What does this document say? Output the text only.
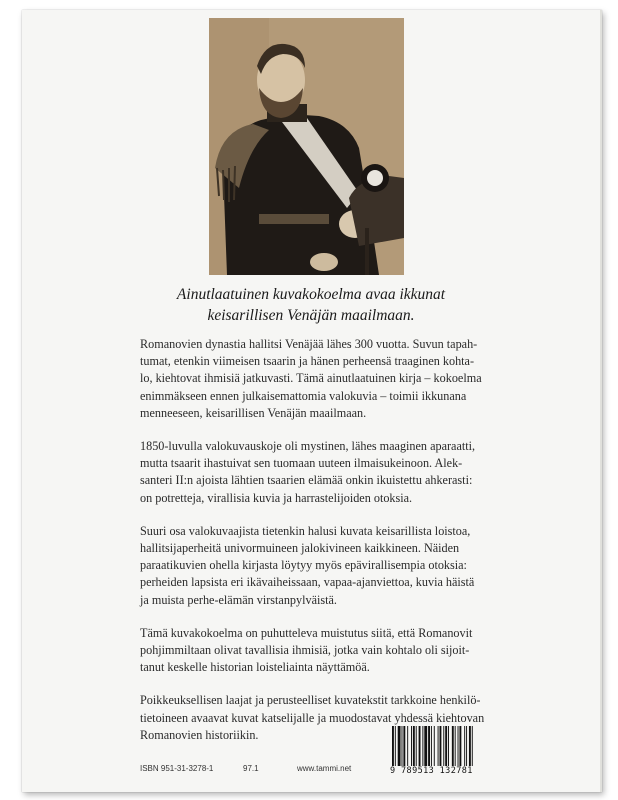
Ainutlaatuinen kuvakokoelma avaa ikkunat
keisarillisen Venäjän maailmaan.
Romanovien dynastia hallitsi Venäjää lähes 300 vuotta. Suvun tapah-
tumat, etenkin viimeisen tsaarin ja hänen perheensä traaginen kohta-
lo, kiehtovat ihmisiä jatkuvasti. Tämä ainutlaatuinen kirja – kokoelma
enimmäkseen ennen julkaisemattomia valokuvia – toimii ikkunana
menneeseen, keisarillisen Venäjän maailmaan.
1850-luvulla valokuvauskoje oli mystinen, lähes maaginen aparaatti,
mutta tsaarit ihastuivat sen tuomaan uuteen ilmaisukeinoon. Alek-
santeri II:n ajoista lähtien tsaarien elämää onkin ikuistettu ahkerasti:
on potretteja, virallisia kuvia ja harrastelijoiden otoksia.
Suuri osa valokuvaajista tietenkin halusi kuvata keisarillista loistoa,
hallitsijaperheitä univormuineen jalokivineen kaikkineen. Näiden
paraatikuvien ohella kirjasta löytyy myös epävirallisempia otoksia:
perheiden lapsista eri ikävaiheissaan, vapaa-ajanviettoa, kuvia häistä
ja muista perhe-elämän virstanpylväistä.
Tämä kuvakokoelma on puhutteleva muistutus siitä, että Romanovit
pohjimmiltaan olivat tavallisia ihmisiä, jotka vain kohtalo oli sijoit-
tanut keskelle historian loisteliainta näyttämöä.
Poikkeuksellisen laajat ja perusteelliset kuvatekstit tarkkoine henkilö-
tietoineen avaavat kuvat katselijalle ja muodostavat yhdessä kiehtovan
Romanovien historiikin.
ISBN 951-31-3278-1	97.1	www.tammi.net	9 789513 132781
